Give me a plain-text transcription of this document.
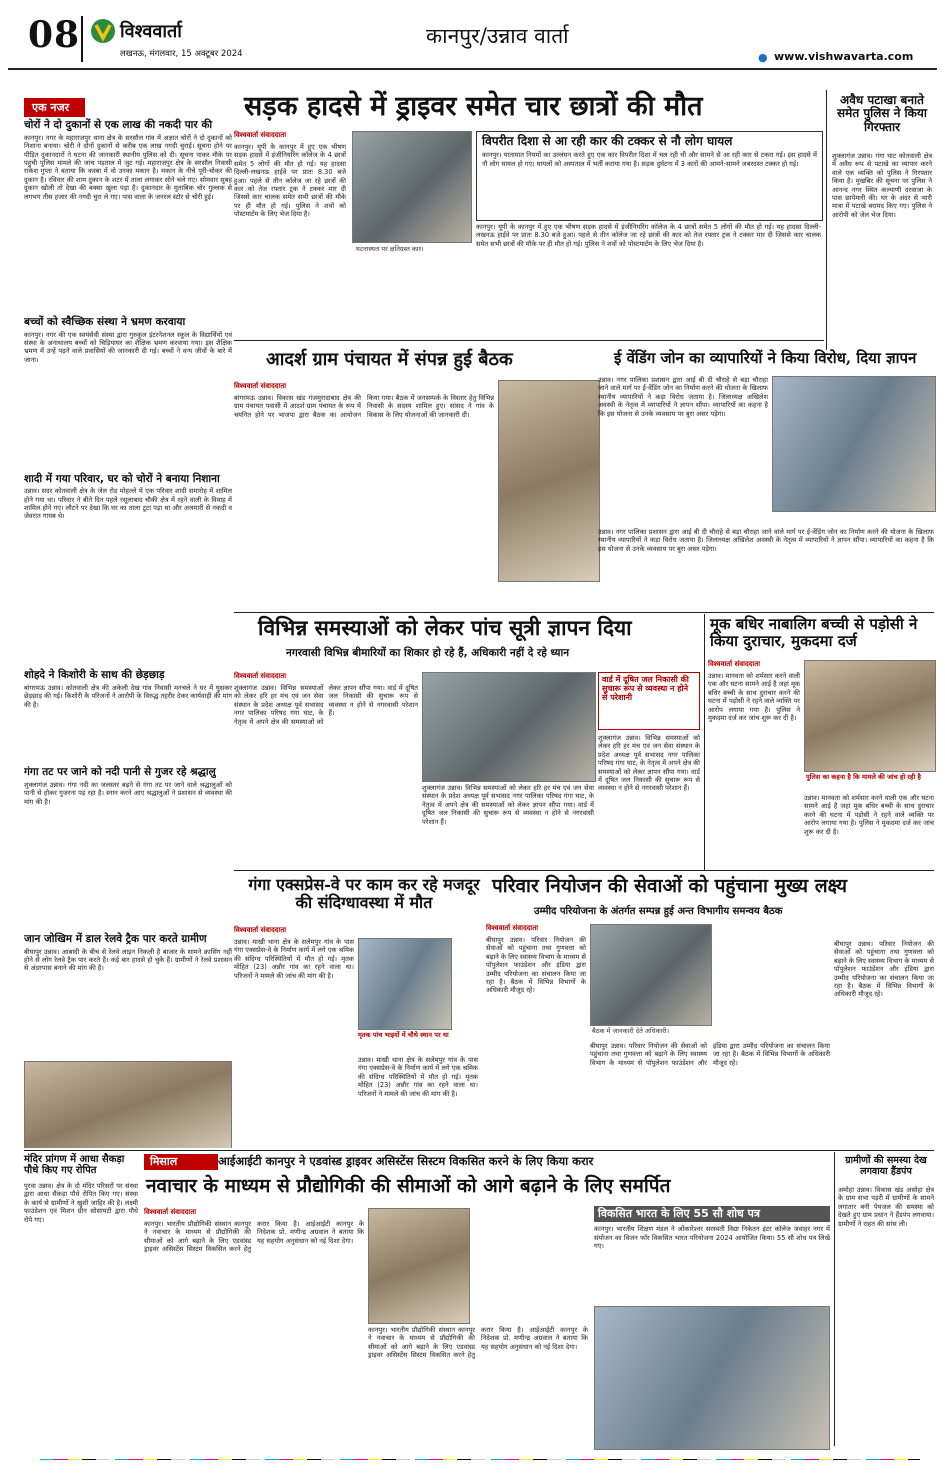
08 विश्ववार्ता
लखनऊ, मंगलवार, 15 अक्टूबर 2024
कानपुर/उन्नाव वार्ता
● www.vishwavarta.com
एक नजर
चोरों ने दो दुकानों से एक लाख की नकदी पार की
कानपुर। नगर के महाराजपुर थाना क्षेत्र के सरसौल गांव में अज्ञात चोरों ने दो दुकानों को निशाना बनाया। चोरी ने दोनों दुकानों से करीब एक लाख नगदी चुराई। सूचना होने पर पीड़ित दुकानदारों ने घटना की जानकारी स्थानीय पुलिस को दी। सूचना पाकर मौके पर पहुंची पुलिस मामले की जांच पड़ताल में जुट गई। महाराजपुर क्षेत्र के सरसौल निवासी राकेश गुप्ता ने बताया कि कस्बा में वो उनका मकान है। मकान के नीचे पूरी-चोकर की दुकान है। रविवार की शाम दुकान के शटर में ताला लगाकर सोने चले गए। सोमवार सुबह दुकान खोली तो देखा की बक्सा खुला पड़ा है। दुकानदार के मुताबिक चोर गुल्लक से लगभग तीस हजार की नगदी चुरा ले गए। पास वाला के जनरल स्टोर से चोरी हुई।
बच्चों को स्वैच्छिक संस्था ने भ्रमण करवाया
कानपुर। नगर की एक स्वयंसेवी संस्था द्वारा गुरुकुल इंटरनेशनल स्कूल के विद्यार्थियों एवं संस्था के अनाथालय बच्चों को चिड़ियाघर का शैक्षिक भ्रमण करवाया गया। इस शैक्षिक भ्रमण में उन्हें पढ़ने वाले प्रवासियों की जानकारी दी गई। बच्चों ने वन्य जीवों के बारे में जाना।
शादी में गया परिवार, घर को चोरों ने बनाया निशाना
उन्नाव। सदर कोतवाली क्षेत्र के जेल रोड मोहल्ले में एक परिवार शादी समारोह में शामिल होने गया था। परिवार ने बीते दिन पहले रसूलाबाद चौकी क्षेत्र में रहने वाली के विवाह में शामिल होने गए। लौटने पर देखा कि घर का ताला टूटा पड़ा था और अलमारी से नकदी व जेवरात गायब थे।
शोहदे ने किशोरी के साथ की छेड़छाड़
बांगरमऊ उन्नाव। कोतवाली क्षेत्र की अकेली देख गांव निवासी मनचले ने घर में घुसकर छेड़छाड़ की गई। किशोरी के परिजनों ने आरोपी के विरुद्ध तहरीर देकर कार्यवाही की मांग की है।
गंगा तट पर जाने को नदी पानी से गुजर रहे श्रद्धालु
शुक्लागंज उन्नाव। गंगा नदी का जलस्तर बढ़ने से गंगा तट पर जाने वाले श्रद्धालुओं को पानी से होकर गुजरना पड़ रहा है। स्नान करने आए श्रद्धालुओं ने प्रशासन से व्यवस्था की मांग की है।
जान जोखिम में डाल रेलवे ट्रैक पार करते ग्रामीण
बीघापुर उन्नाव। आबादी के बीच से रेलवे लाइन निकली है बाजार के सामने क्रासिंग नहीं होने से लोग रेलवे ट्रैक पार करते हैं। कई बार हादसे हो चुके हैं। ग्रामीणों ने रेलवे प्रशासन से अंडरपास बनाने की मांग की है।
सड़क हादसे में ड्राइवर समेत चार छात्रों की मौत
विश्ववार्ता संवाददाता
कानपुर। यूपी के कानपुर में हुए एक भीषण सड़क हादसे में इंजीनियरिंग कॉलेज के 4 छात्रों समेत 5 लोगों की मौत हो गई। यह हादसा दिल्ली-लखनऊ हाईवे पर प्रातः 8.30 बजे हुआ। पहले से तीन कॉलेज जा रहे छात्रों की कार को तेज रफ्तार ट्रक ने टक्कर मार दी जिससे कार चालक समेत सभी छात्रों की मौके पर ही मौत हो गई। पुलिस ने शवों को पोस्टमार्टम के लिए भेज दिया है।
घटनास्थल पर क्षतिग्रस्त कार।
विपरीत दिशा से आ रही कार की टक्कर से नौ लोग घायल
कानपुर। यातायात नियमों का उल्लंघन करते हुए एक कार विपरीत दिशा में चल रही थी और सामने से आ रही कार से टकरा गई। इस हादसे में नौ लोग घायल हो गए। घायलों को अस्पताल में भर्ती कराया गया है। सड़क दुर्घटना में 3 कारों की आमने-सामने जबरदस्त टक्कर हो गई।
कानपुर। यूपी के कानपुर में हुए एक भीषण सड़क हादसे में इंजीनियरिंग कॉलेज के 4 छात्रों समेत 5 लोगों की मौत हो गई। यह हादसा दिल्ली-लखनऊ हाईवे पर प्रातः 8.30 बजे हुआ। पहले से तीन कॉलेज जा रहे छात्रों की कार को तेज रफ्तार ट्रक ने टक्कर मार दी जिससे कार चालक समेत सभी छात्रों की मौके पर ही मौत हो गई। पुलिस ने शवों को पोस्टमार्टम के लिए भेज दिया है।
अवैध पटाखा बनाते समेत पुलिस ने किया गिरफ्तार
शुक्लागंज उन्नाव। गंगा घाट कोतवाली क्षेत्र में अवैध रूप से पटाखे का व्यापार करने वाले एक व्यक्ति को पुलिस ने गिरफ्तार किया है। मुखबिर की सूचना पर पुलिस ने आनन्द नगर स्थित कल्याणी दरवाजा के पास छापेमारी की। घर के अंदर से भारी मात्रा में पटाखे बरामद किए गए। पुलिस ने आरोपी को जेल भेज दिया।
आदर्श ग्राम पंचायत में संपन्न हुई बैठक
विश्ववार्ता संवाददाता
बांगरमऊ उन्नाव। विकास खंड गंजमुरादाबाद क्षेत्र की ग्राम पंचायत पवासी में आदर्श ग्राम पंचायत के रूप में चयनित होने पर भाजपा द्वारा बैठक का आयोजन किया गया। बैठक में जनसम्पर्क के विस्तार हेतु विभिन्न निवासी के सदस्य शामिल हुए। सांसद ने गांव के विकास के लिए योजनाओं की जानकारी दी।
ई वेंडिंग जोन का व्यापारियों ने किया विरोध, दिया ज्ञापन
उन्नाव। नगर पालिका प्रशासन द्वारा आई बी दी चौराहे से बड़ा चौराहा जाने वाले मार्ग पर ई-वेंडिंग जोन का निर्माण करने की योजना के खिलाफ स्थानीय व्यापारियों ने कड़ा विरोध जताया है। जिलाध्यक्ष अखिलेश अवस्थी के नेतृत्व में व्यापारियों ने ज्ञापन सौंपा। व्यापारियों का कहना है कि इस योजना से उनके व्यवसाय पर बुरा असर पड़ेगा।
उन्नाव। नगर पालिका प्रशासन द्वारा आई बी दी चौराहे से बड़ा चौराहा जाने वाले मार्ग पर ई-वेंडिंग जोन का निर्माण करने की योजना के खिलाफ स्थानीय व्यापारियों ने कड़ा विरोध जताया है। जिलाध्यक्ष अखिलेश अवस्थी के नेतृत्व में व्यापारियों ने ज्ञापन सौंपा। व्यापारियों का कहना है कि इस योजना से उनके व्यवसाय पर बुरा असर पड़ेगा।
विभिन्न समस्याओं को लेकर पांच सूत्री ज्ञापन दिया
नगरवासी विभिन्न बीमारियों का शिकार हो रहे हैं, अधिकारी नहीं दे रहे ध्यान
विश्ववार्ता संवाददाता
शुक्लागंज उन्नाव। विभिन्न समस्याओं को लेकर हरि हर मंच एवं जन सेवा संस्थान के प्रदेश अध्यक्ष पूर्व सभासद नगर पालिका परिषद गंगा घाट, के नेतृत्व में अपने क्षेत्र की समस्याओं को लेकर ज्ञापन सौंपा गया। वार्ड में दूषित जल निकासी की सुचारू रूप से व्यवस्था न होने से नगरवासी परेशान हैं।
शुक्लागंज उन्नाव। विभिन्न समस्याओं को लेकर हरि हर मंच एवं जन सेवा संस्थान के प्रदेश अध्यक्ष पूर्व सभासद नगर पालिका परिषद गंगा घाट, के नेतृत्व में अपने क्षेत्र की समस्याओं को लेकर ज्ञापन सौंपा गया। वार्ड में दूषित जल निकासी की सुचारू रूप से व्यवस्था न होने से नगरवासी परेशान हैं।
वार्ड में दूषित जल निकासी की सुचारू रूप से व्यवस्था न होने से परेशानी
शुक्लागंज उन्नाव। विभिन्न समस्याओं को लेकर हरि हर मंच एवं जन सेवा संस्थान के प्रदेश अध्यक्ष पूर्व सभासद नगर पालिका परिषद गंगा घाट, के नेतृत्व में अपने क्षेत्र की समस्याओं को लेकर ज्ञापन सौंपा गया। वार्ड में दूषित जल निकासी की सुचारू रूप से व्यवस्था न होने से नगरवासी परेशान हैं।
मूक बधिर नाबालिग बच्ची से पड़ोसी ने किया दुराचार, मुकदमा दर्ज
विश्ववार्ता संवाददाता
उन्नाव। मानवता को शर्मसार करने वाली एक और घटना सामने आई है जहां मूक बधिर बच्ची के साथ दुराचार करने की घटना में पड़ोसी ने रहने वाले व्यक्ति पर आरोप लगाया गया है। पुलिस ने मुकदमा दर्ज कर जांच शुरू कर दी है।
पुलिस का कहना है कि मामले की जांच हो रही है
उन्नाव। मानवता को शर्मसार करने वाली एक और घटना सामने आई है जहां मूक बधिर बच्ची के साथ दुराचार करने की घटना में पड़ोसी ने रहने वाले व्यक्ति पर आरोप लगाया गया है। पुलिस ने मुकदमा दर्ज कर जांच शुरू कर दी है।
गंगा एक्सप्रेस-वे पर काम कर रहे मजदूर की संदिग्धावस्था में मौत
विश्ववार्ता संवाददाता
उन्नाव। माखी थाना क्षेत्र के सलेमपुर गांव के पास गंगा एक्सप्रेस-वे के निर्माण कार्य में लगे एक श्रमिक की संदिग्ध परिस्थितियों में मौत हो गई। मृतक मोहित (23) अन्नौर गांव का रहने वाला था। परिजनों ने मामले की जांच की मांग की है।
मृतक पांच भाइयों में चौथे स्थान पर था
उन्नाव। माखी थाना क्षेत्र के सलेमपुर गांव के पास गंगा एक्सप्रेस-वे के निर्माण कार्य में लगे एक श्रमिक की संदिग्ध परिस्थितियों में मौत हो गई। मृतक मोहित (23) अन्नौर गांव का रहने वाला था। परिजनों ने मामले की जांच की मांग की है।
परिवार नियोजन की सेवाओं को पहुंचाना मुख्य लक्ष्य
उम्मीद परियोजना के अंतर्गत सम्पन्न हुई अन्त विभागीय समन्वय बैठक
विश्ववार्ता संवाददाता
बीघापुर उन्नाव। परिवार नियोजन की सेवाओं को पहुंचाना तथा गुणवत्ता को बढ़ाने के लिए स्वास्थ्य विभाग के माध्यम से पॉपुलेशन फाउंडेशन और इंडिया द्वारा उम्मीद परियोजना का संचालन किया जा रहा है। बैठक में विभिन्न विभागों के अधिकारी मौजूद रहे।
बैठक में जानकारी देते अधिकारी।
बीघापुर उन्नाव। परिवार नियोजन की सेवाओं को पहुंचाना तथा गुणवत्ता को बढ़ाने के लिए स्वास्थ्य विभाग के माध्यम से पॉपुलेशन फाउंडेशन और इंडिया द्वारा उम्मीद परियोजना का संचालन किया जा रहा है। बैठक में विभिन्न विभागों के अधिकारी मौजूद रहे।
बीघापुर उन्नाव। परिवार नियोजन की सेवाओं को पहुंचाना तथा गुणवत्ता को बढ़ाने के लिए स्वास्थ्य विभाग के माध्यम से पॉपुलेशन फाउंडेशन और इंडिया द्वारा उम्मीद परियोजना का संचालन किया जा रहा है। बैठक में विभिन्न विभागों के अधिकारी मौजूद रहे।
मंदिर प्रांगण में आधा सैकड़ा पौधे किए गए रोपित
पुरवा उन्नाव। क्षेत्र के दो मंदिर परिसरों पर संस्था द्वारा आधा सैकड़ा पौधे रोपित किए गए। संस्था के कार्य से ग्रामीणों ने खुशी जाहिर की है। लक्ष्मी फाउंडेशन एवं मिशन ग्रीन सोसायटी द्वारा पौधे रोपे गए।
मिसाल	आईआईटी कानपुर ने एडवांस्ड ड्राइवर असिस्टेंस सिस्टम विकसित करने के लिए किया करार
नवाचार के माध्यम से प्रौद्योगिकी की सीमाओं को आगे बढ़ाने के लिए समर्पित
विश्ववार्ता संवाददाता
कानपुर। भारतीय प्रौद्योगिकी संस्थान कानपुर ने नवाचार के माध्यम से प्रौद्योगिकी की सीमाओं को आगे बढ़ाने के लिए एडवांस्ड ड्राइवर असिस्टेंस सिस्टम विकसित करने हेतु करार किया है। आईआईटी कानपुर के निदेशक प्रो. मणीन्द्र अग्रवाल ने बताया कि यह सहयोग अनुसंधान को नई दिशा देगा।
कानपुर। भारतीय प्रौद्योगिकी संस्थान कानपुर ने नवाचार के माध्यम से प्रौद्योगिकी की सीमाओं को आगे बढ़ाने के लिए एडवांस्ड ड्राइवर असिस्टेंस सिस्टम विकसित करने हेतु करार किया है। आईआईटी कानपुर के निदेशक प्रो. मणीन्द्र अग्रवाल ने बताया कि यह सहयोग अनुसंधान को नई दिशा देगा।
विकसित भारत के लिए 55 सौ शोध पत्र
कानपुर। भारतीय शिक्षण मंडल ने ओंकारेश्वर सरस्वती विद्या निकेतन इंटर कॉलेज जवाहर नगर में संयोजन का विजन फॉर विकसित भारत परियोजना 2024 आयोजित किया। 55 सौ शोध पत्र लिखे गए।
ग्रामीणों की समस्या देख लगवाया हैंडपंप
अमोहा उन्नाव। विकास खंड असोहा क्षेत्र के ग्राम सभा पड़री में ग्रामीणों के सामने लगातार बनी पेयजल की समस्या को देखते हुए ग्राम प्रधान ने हैंडपंप लगवाया। ग्रामीणों ने राहत की सांस ली।
